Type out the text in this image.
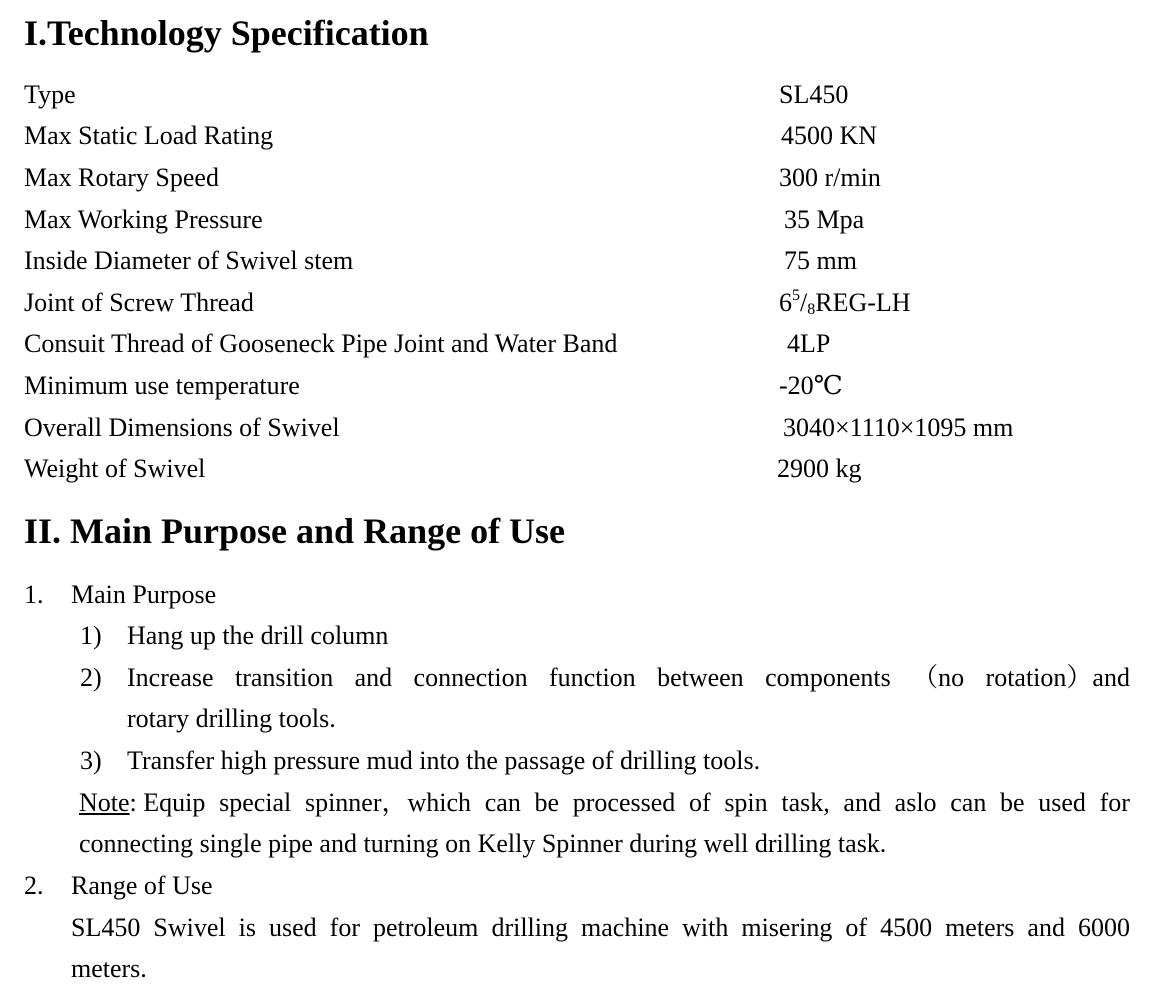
I.Technology Specification
Type	SL450
Max Static Load Rating	4500 KN
Max Rotary Speed	300 r/min
Max Working Pressure	35 Mpa
Inside Diameter of Swivel stem	75 mm
Joint of Screw Thread	$6^5/8REG-LH$
Consuit Thread of Gooseneck Pipe Joint and Water Band	4LP
Minimum use temperature	-20℃
Overall Dimensions of Swivel	3040×1110×1095 mm
Weight of Swivel	2900 kg
II. Main Purpose and Range of Use
1. Main Purpose
1) Hang up the drill column
2) Increase transition and connection function between components （no rotation）and
rotary drilling tools.
3) Transfer high pressure mud into the passage of drilling tools.
Note: Equip special spinner，which can be processed of spin task, and aslo can be used for
connecting single pipe and turning on Kelly Spinner during well drilling task.
2. Range of Use
SL450 Swivel is used for petroleum drilling machine with misering of 4500 meters and 6000
meters.
